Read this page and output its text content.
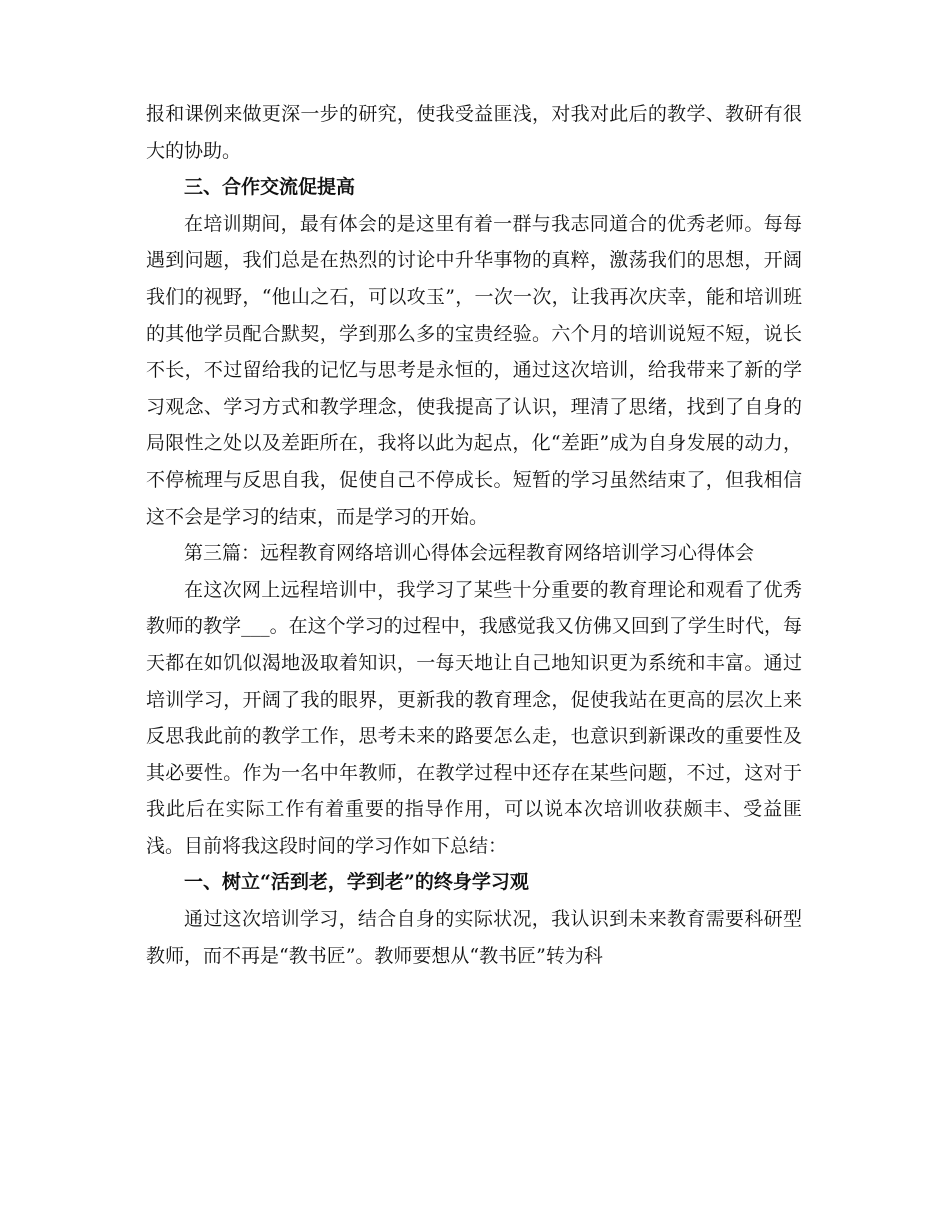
报和课例来做更深一步的研究，使我受益匪浅，对我对此后的教学、教研有很大的协助。

三、合作交流促提高

在培训期间，最有体会的是这里有着一群与我志同道合的优秀老师。每每遇到问题，我们总是在热烈的讨论中升华事物的真粹，激荡我们的思想，开阔我们的视野，“他山之石，可以攻玉”，一次一次，让我再次庆幸，能和培训班的其他学员配合默契，学到那么多的宝贵经验。六个月的培训说短不短，说长不长，不过留给我的记忆与思考是永恒的，通过这次培训，给我带来了新的学习观念、学习方式和教学理念，使我提高了认识，理清了思绪，找到了自身的局限性之处以及差距所在，我将以此为起点，化“差距”成为自身发展的动力，不停梳理与反思自我，促使自己不停成长。短暂的学习虽然结束了，但我相信这不会是学习的结束，而是学习的开始。

第三篇：远程教育网络培训心得体会远程教育网络培训学习心得体会

在这次网上远程培训中，我学习了某些十分重要的教育理论和观看了优秀教师的教学___。在这个学习的过程中，我感觉我又仿佛又回到了学生时代，每天都在如饥似渴地汲取着知识，一每天地让自己地知识更为系统和丰富。通过培训学习，开阔了我的眼界，更新我的教育理念，促使我站在更高的层次上来反思我此前的教学工作，思考未来的路要怎么走，也意识到新课改的重要性及其必要性。作为一名中年教师，在教学过程中还存在某些问题，不过，这对于我此后在实际工作有着重要的指导作用，可以说本次培训收获颇丰、受益匪浅。目前将我这段时间的学习作如下总结：

一、树立“活到老，学到老”的终身学习观

通过这次培训学习，结合自身的实际状况，我认识到未来教育需要科研型教师，而不再是“教书匠”。教师要想从“教书匠”转为科
